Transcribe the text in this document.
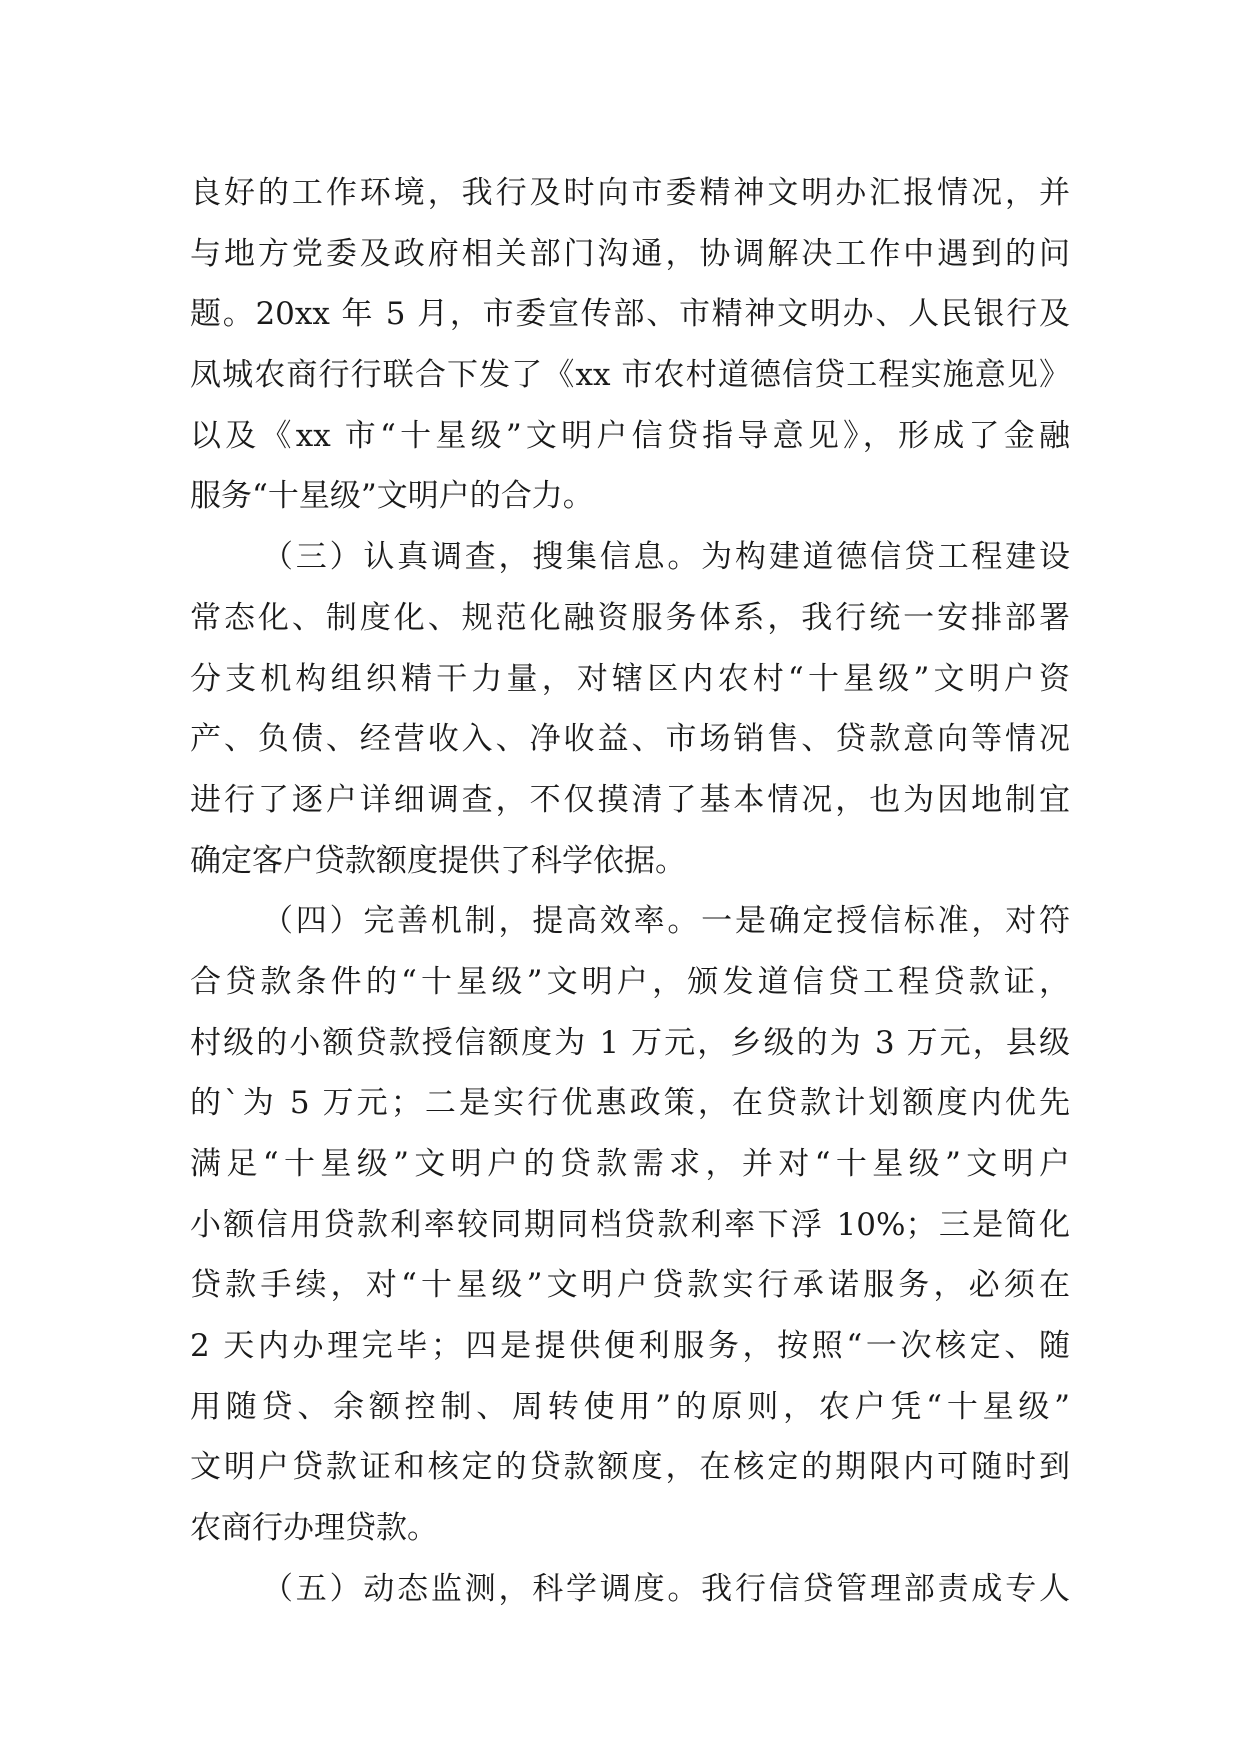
良好的工作环境，我行及时向市委精神文明办汇报情况，并
与地方党委及政府相关部门沟通，协调解决工作中遇到的问
题。20xx 年 5 月，市委宣传部、市精神文明办、人民银行及
凤城农商行行联合下发了《xx 市农村道德信贷工程实施意见》
以及《xx 市“十星级”文明户信贷指导意见》，形成了金融
服务“十星级”文明户的合力。
（三）认真调查，搜集信息。为构建道德信贷工程建设
常态化、制度化、规范化融资服务体系，我行统一安排部署
分支机构组织精干力量，对辖区内农村“十星级”文明户资
产、负债、经营收入、净收益、市场销售、贷款意向等情况
进行了逐户详细调查，不仅摸清了基本情况，也为因地制宜
确定客户贷款额度提供了科学依据。
（四）完善机制，提高效率。一是确定授信标准，对符
合贷款条件的“十星级”文明户，颁发道信贷工程贷款证，
村级的小额贷款授信额度为 1 万元，乡级的为 3 万元，县级
的`为 5 万元；二是实行优惠政策，在贷款计划额度内优先
满足“十星级”文明户的贷款需求，并对“十星级”文明户
小额信用贷款利率较同期同档贷款利率下浮 10%；三是简化
贷款手续，对“十星级”文明户贷款实行承诺服务，必须在
2 天内办理完毕；四是提供便利服务，按照“一次核定、随
用随贷、余额控制、周转使用”的原则，农户凭“十星级”
文明户贷款证和核定的贷款额度，在核定的期限内可随时到
农商行办理贷款。
（五）动态监测，科学调度。我行信贷管理部责成专人
